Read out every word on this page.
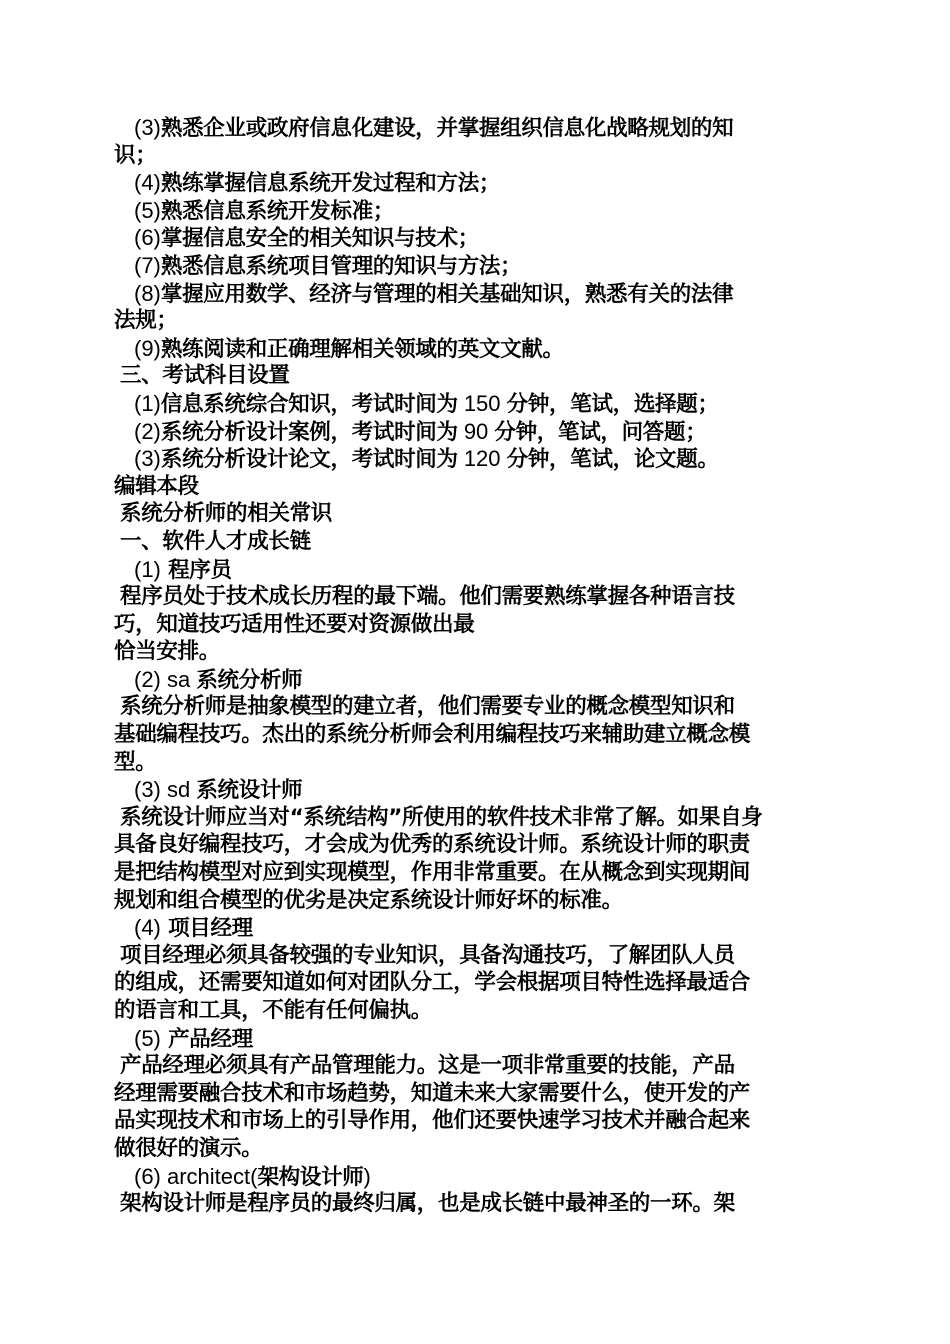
(3)熟悉企业或政府信息化建设，并掌握组织信息化战略规划的知
识；
(4)熟练掌握信息系统开发过程和方法；
(5)熟悉信息系统开发标准；
(6)掌握信息安全的相关知识与技术；
(7)熟悉信息系统项目管理的知识与方法；
(8)掌握应用数学、经济与管理的相关基础知识，熟悉有关的法律
法规；
(9)熟练阅读和正确理解相关领域的英文文献。
三、考试科目设置
(1)信息系统综合知识，考试时间为 150 分钟，笔试，选择题；
(2)系统分析设计案例，考试时间为 90 分钟，笔试，问答题；
(3)系统分析设计论文，考试时间为 120 分钟，笔试，论文题。
编辑本段
系统分析师的相关常识
一、软件人才成长链
(1) 程序员
程序员处于技术成长历程的最下端。他们需要熟练掌握各种语言技
巧，知道技巧适用性还要对资源做出最
恰当安排。
(2) sa 系统分析师
系统分析师是抽象模型的建立者，他们需要专业的概念模型知识和
基础编程技巧。杰出的系统分析师会利用编程技巧来辅助建立概念模
型。
(3) sd 系统设计师
系统设计师应当对“系统结构”所使用的软件技术非常了解。如果自身
具备良好编程技巧，才会成为优秀的系统设计师。系统设计师的职责
是把结构模型对应到实现模型，作用非常重要。在从概念到实现期间
规划和组合模型的优劣是决定系统设计师好坏的标准。
(4) 项目经理
项目经理必须具备较强的专业知识，具备沟通技巧，了解团队人员
的组成，还需要知道如何对团队分工，学会根据项目特性选择最适合
的语言和工具，不能有任何偏执。
(5) 产品经理
产品经理必须具有产品管理能力。这是一项非常重要的技能，产品
经理需要融合技术和市场趋势，知道未来大家需要什么，使开发的产
品实现技术和市场上的引导作用，他们还要快速学习技术并融合起来
做很好的演示。
(6) architect(架构设计师)
架构设计师是程序员的最终归属，也是成长链中最神圣的一环。架
